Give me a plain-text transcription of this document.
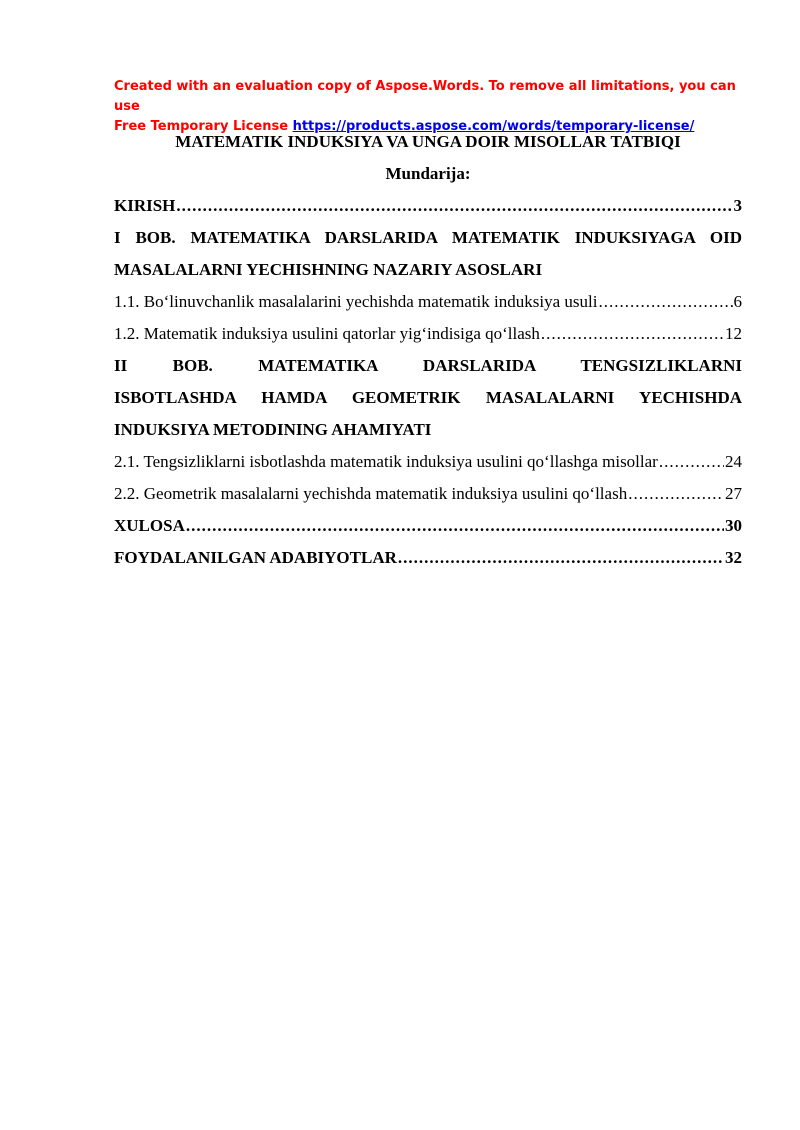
Created with an evaluation copy of Aspose.Words. To remove all limitations, you can use
Free Temporary License https://products.aspose.com/words/temporary-license/
MATEMATIK INDUKSIYA VA UNGA DOIR MISOLLAR TATBIQI
Mundarija:
KIRISH .....	3
I BOB. MATEMATIKA DARSLARIDA MATEMATIK INDUKSIYAGA OID
MASALALARNI YECHISHNING NAZARIY ASOSLARI
1.1. Bo‘linuvchanlik masalalarini yechishda matematik induksiya usuli .....	6
1.2. Matematik induksiya usulini qatorlar yig‘indisiga qo‘llash .....	12
II BOB. MATEMATIKA DARSLARIDA TENGSIZLIKLARNI
ISBOTLASHDA HAMDA GEOMETRIK MASALALARNI YECHISHDA
INDUKSIYA METODINING AHAMIYATI
2.1. Tengsizliklarni isbotlashda matematik induksiya usulini qo‘llashga misollar .....	24
2.2. Geometrik masalalarni yechishda matematik induksiya usulini qo‘llash .....	27
XULOSA .....	30
FOYDALANILGAN ADABIYOTLAR .....	32
